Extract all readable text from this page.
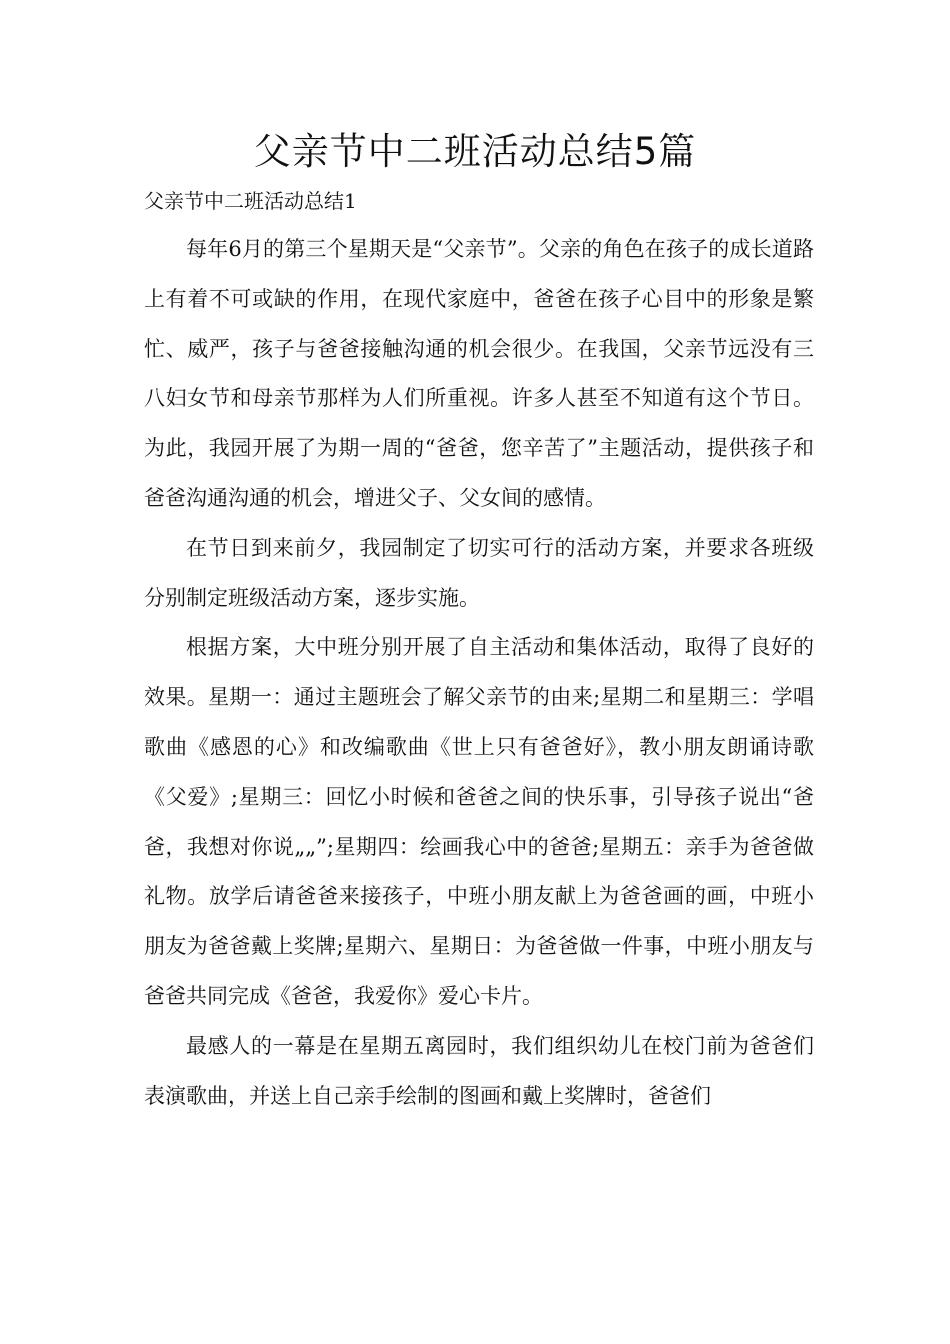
父亲节中二班活动总结5篇
父亲节中二班活动总结1

每年6月的第三个星期天是“父亲节”。父亲的角色在孩子的成长道路上有着不可或缺的作用，在现代家庭中，爸爸在孩子心目中的形象是繁忙、威严，孩子与爸爸接触沟通的机会很少。在我国，父亲节远没有三八妇女节和母亲节那样为人们所重视。许多人甚至不知道有这个节日。为此，我园开展了为期一周的“爸爸，您辛苦了”主题活动，提供孩子和爸爸沟通沟通的机会，增进父子、父女间的感情。

在节日到来前夕，我园制定了切实可行的活动方案，并要求各班级分别制定班级活动方案，逐步实施。

根据方案，大中班分别开展了自主活动和集体活动，取得了良好的效果。星期一：通过主题班会了解父亲节的由来;星期二和星期三：学唱歌曲《感恩的心》和改编歌曲《世上只有爸爸好》，教小朋友朗诵诗歌《父爱》;星期三：回忆小时候和爸爸之间的快乐事，引导孩子说出“爸爸，我想对你说„„”;星期四：绘画我心中的爸爸;星期五：亲手为爸爸做礼物。放学后请爸爸来接孩子，中班小朋友献上为爸爸画的画，中班小朋友为爸爸戴上奖牌;星期六、星期日：为爸爸做一件事，中班小朋友与爸爸共同完成《爸爸，我爱你》爱心卡片。

最感人的一幕是在星期五离园时，我们组织幼儿在校门前为爸爸们表演歌曲，并送上自己亲手绘制的图画和戴上奖牌时，爸爸们
